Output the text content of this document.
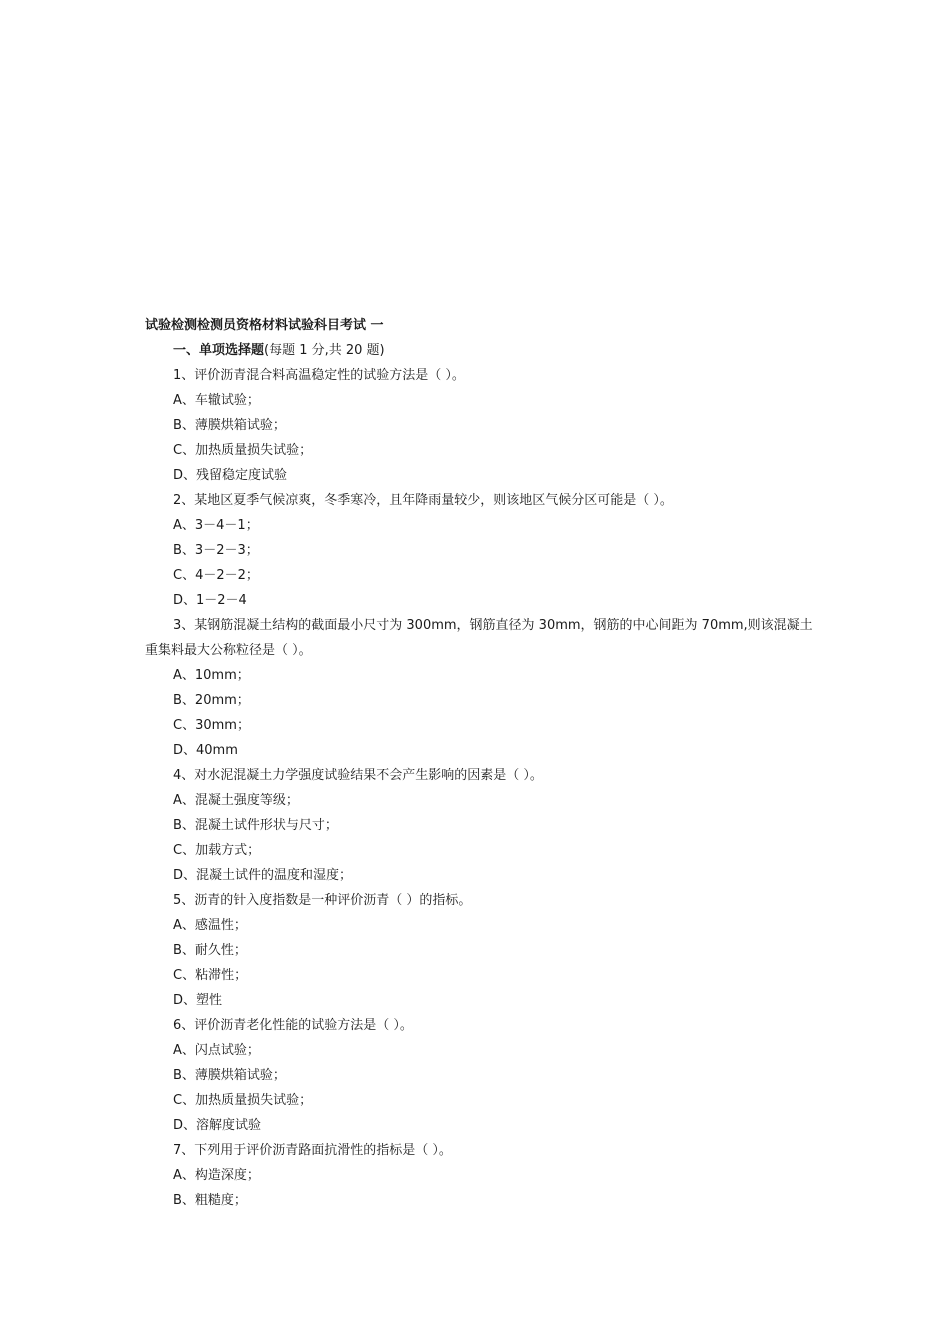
试验检测检测员资格材料试验科目考试 一
一、单项选择题(每题 1 分,共 20 题)
1、评价沥青混合料高温稳定性的试验方法是（ ）。
A、车辙试验；
B、薄膜烘箱试验；
C、加热质量损失试验；
D、残留稳定度试验
2、某地区夏季气候凉爽，冬季寒冷，且年降雨量较少，则该地区气候分区可能是（ ）。
A、3－4－1；
B、3－2－3；
C、4－2－2；
D、1－2－4
3、某钢筋混凝土结构的截面最小尺寸为 300mm，钢筋直径为 30mm，钢筋的中心间距为 70mm,则该混凝土重集料最大公称粒径是（ ）。
A、10mm；
B、20mm；
C、30mm；
D、40mm
4、对水泥混凝土力学强度试验结果不会产生影响的因素是（ ）。
A、混凝土强度等级；
B、混凝土试件形状与尺寸；
C、加载方式；
D、混凝土试件的温度和湿度；
5、沥青的针入度指数是一种评价沥青（ ）的指标。
A、感温性；
B、耐久性；
C、粘滞性；
D、塑性
6、评价沥青老化性能的试验方法是（ ）。
A、闪点试验；
B、薄膜烘箱试验；
C、加热质量损失试验；
D、溶解度试验
7、下列用于评价沥青路面抗滑性的指标是（ ）。
A、构造深度；
B、粗糙度；
